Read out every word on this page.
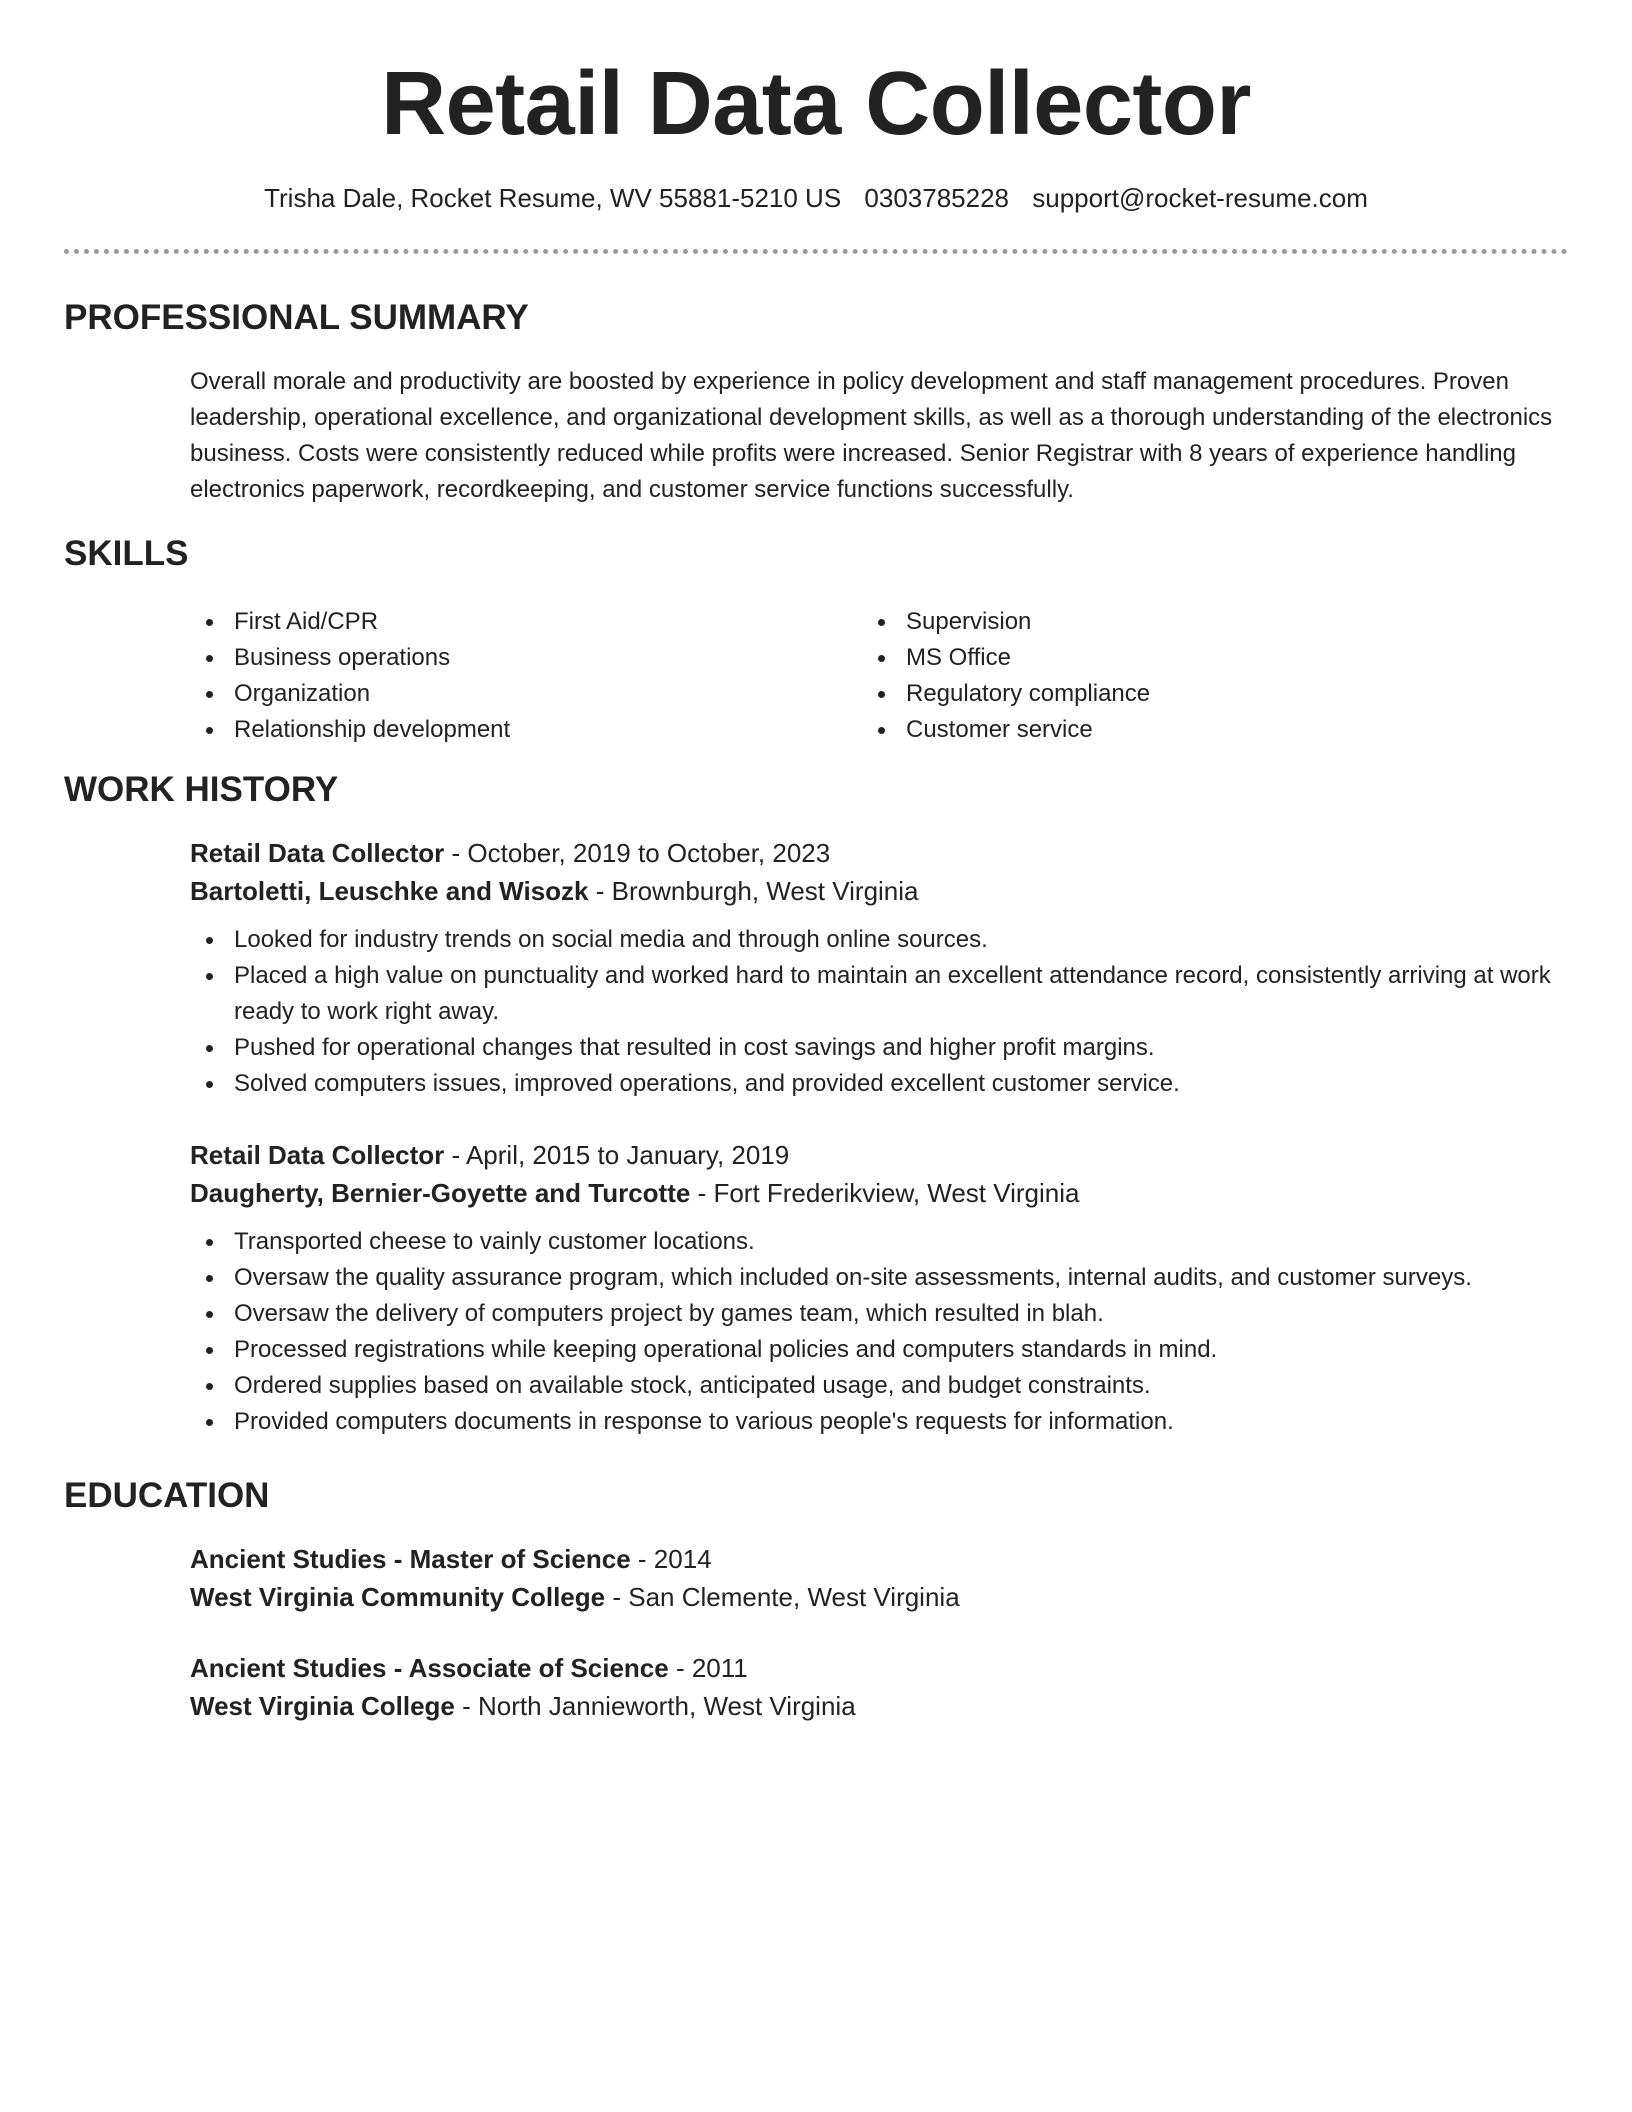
Retail Data Collector
Trisha Dale, Rocket Resume, WV 55881-5210 US 0303785228 support@rocket-resume.com
PROFESSIONAL SUMMARY

Overall morale and productivity are boosted by experience in policy development and staff management procedures. Proven leadership, operational excellence, and organizational development skills, as well as a thorough understanding of the electronics business. Costs were consistently reduced while profits were increased. Senior Registrar with 8 years of experience handling electronics paperwork, recordkeeping, and customer service functions successfully.

SKILLS
First Aid/CPR
Business operations
Organization
Relationship development
Supervision
MS Office
Regulatory compliance
Customer service
WORK HISTORY
Retail Data Collector - October, 2019 to October, 2023
Bartoletti, Leuschke and Wisozk - Brownburgh, West Virginia
Looked for industry trends on social media and through online sources.
Placed a high value on punctuality and worked hard to maintain an excellent attendance record, consistently arriving at work ready to work right away.
Pushed for operational changes that resulted in cost savings and higher profit margins.
Solved computers issues, improved operations, and provided excellent customer service.
Retail Data Collector - April, 2015 to January, 2019
Daugherty, Bernier-Goyette and Turcotte - Fort Frederikview, West Virginia
Transported cheese to vainly customer locations.
Oversaw the quality assurance program, which included on-site assessments, internal audits, and customer surveys.
Oversaw the delivery of computers project by games team, which resulted in blah.
Processed registrations while keeping operational policies and computers standards in mind.
Ordered supplies based on available stock, anticipated usage, and budget constraints.
Provided computers documents in response to various people's requests for information.
EDUCATION
Ancient Studies - Master of Science - 2014
West Virginia Community College - San Clemente, West Virginia
Ancient Studies - Associate of Science - 2011
West Virginia College - North Jannieworth, West Virginia
